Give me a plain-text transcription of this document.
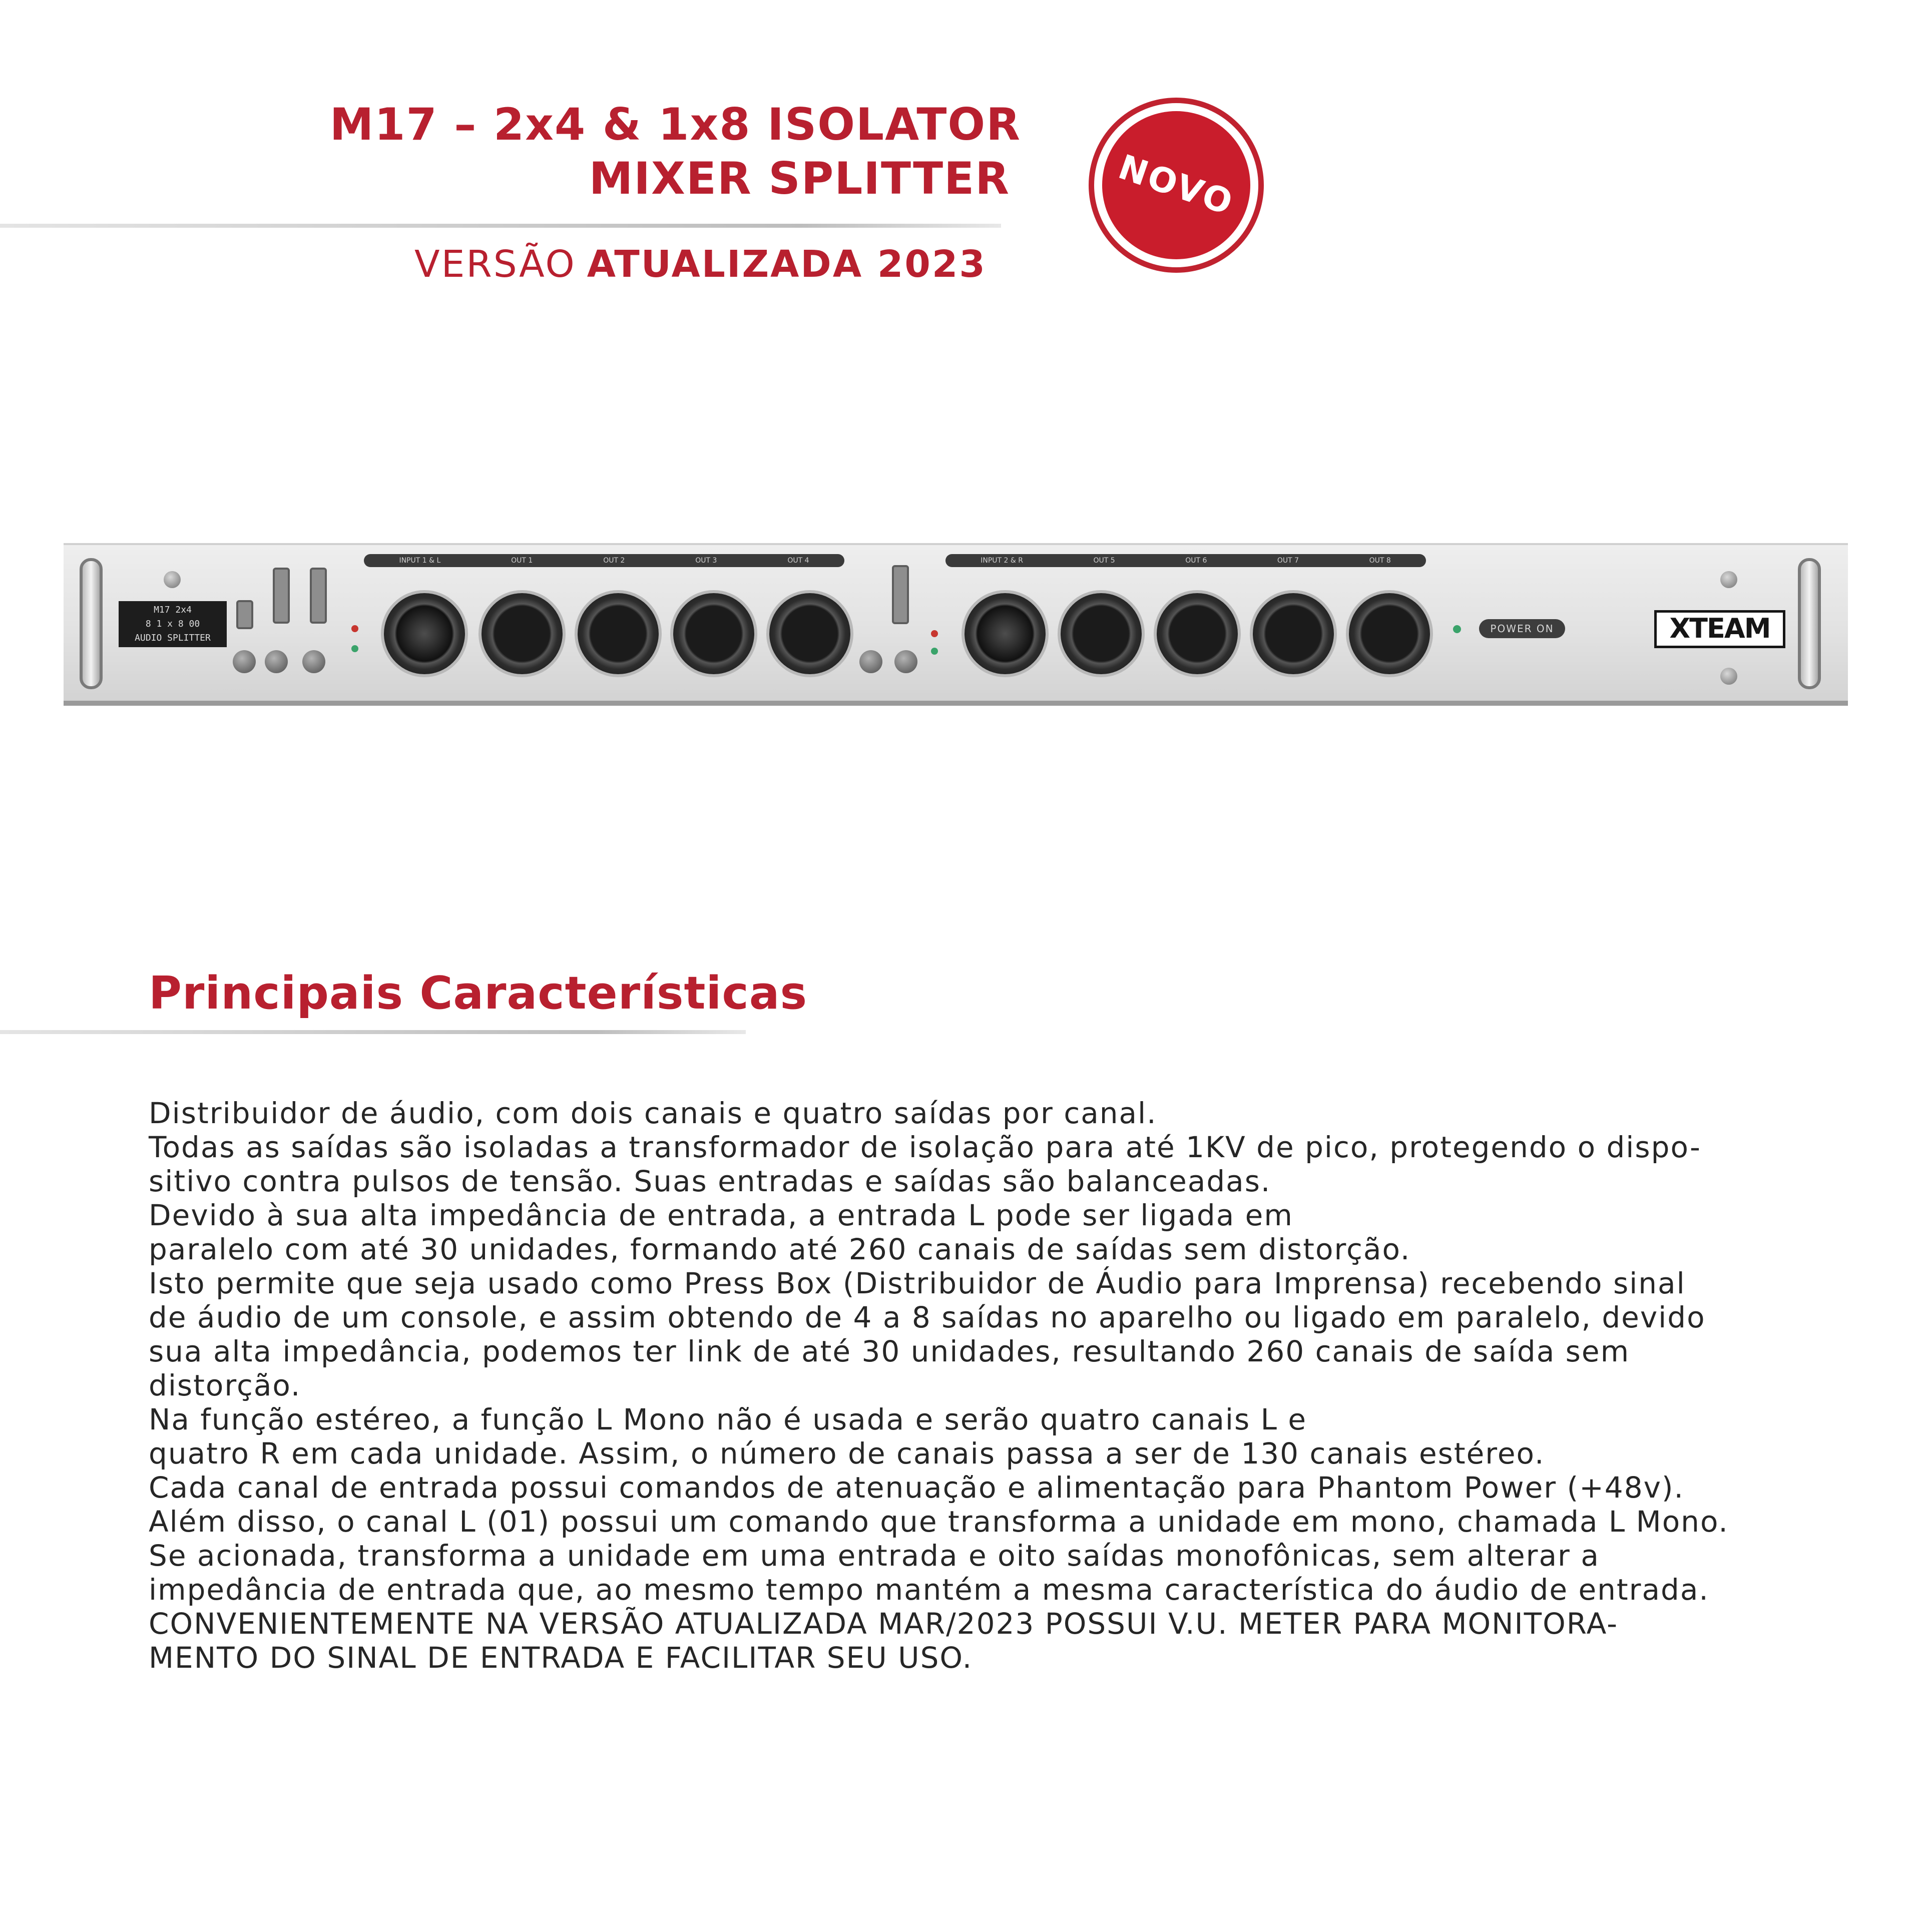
M17 – 2x4 & 1x8 ISOLATOR
MIXER SPLITTER

VERSÃO ATUALIZADA 2023

NOVO
M17 2x4
8 1 x 8 00
AUDIO SPLITTER
INPUT 1 & L	OUT 1	OUT 2	OUT 3	OUT 4	INPUT 2 & R	OUT 5	OUT 6	OUT 7	OUT 8
POWER ON	XTEAM
Principais Características
Distribuidor de áudio, com dois canais e quatro saídas por canal.
Todas as saídas são isoladas a transformador de isolação para até 1KV de pico, protegendo o dispo-
sitivo contra pulsos de tensão. Suas entradas e saídas são balanceadas.
Devido à sua alta impedância de entrada, a entrada L pode ser ligada em
paralelo com até 30 unidades, formando até 260 canais de saídas sem distorção.
Isto permite que seja usado como Press Box (Distribuidor de Áudio para Imprensa) recebendo sinal
de áudio de um console, e assim obtendo de 4 a 8 saídas no aparelho ou ligado em paralelo, devido
sua alta impedância, podemos ter link de até 30 unidades, resultando 260 canais de saída sem
distorção.
Na função estéreo, a função L Mono não é usada e serão quatro canais L e
quatro R em cada unidade. Assim, o número de canais passa a ser de 130 canais estéreo.
Cada canal de entrada possui comandos de atenuação e alimentação para Phantom Power (+48v).
Além disso, o canal L (01) possui um comando que transforma a unidade em mono, chamada L Mono.
Se acionada, transforma a unidade em uma entrada e oito saídas monofônicas, sem alterar a
impedância de entrada que, ao mesmo tempo mantém a mesma característica do áudio de entrada.
CONVENIENTEMENTE NA VERSÃO ATUALIZADA MAR/2023 POSSUI V.U. METER PARA MONITORA-
MENTO DO SINAL DE ENTRADA E FACILITAR SEU USO.
